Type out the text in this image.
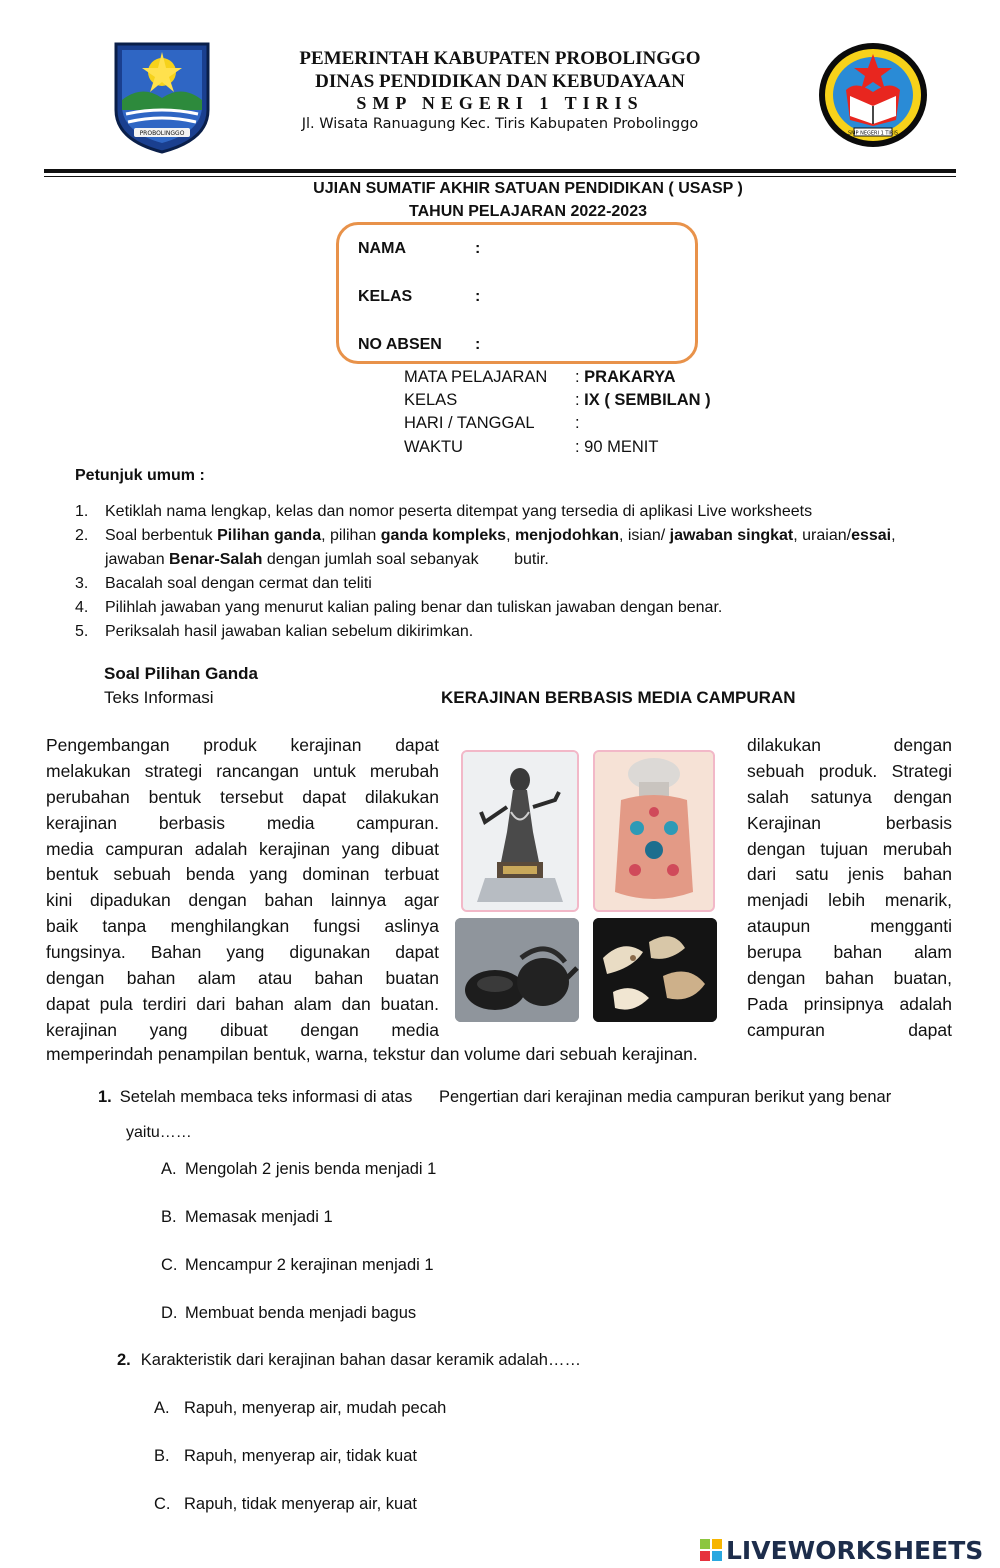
PROBOLINGGO	SMP NEGERI 1 TIRIS
PEMERINTAH KABUPATEN PROBOLINGGO
DINAS PENDIDIKAN DAN KEBUDAYAAN
SMP NEGERI 1 TIRIS
Jl. Wisata Ranuagung Kec. Tiris Kabupaten Probolinggo
UJIAN SUMATIF AKHIR SATUAN PENDIDIKAN ( USASP )
TAHUN PELAJARAN 2022-2023
NAMA	:
KELAS	:
NO ABSEN :
MATA PELAJARAN : PRAKARYA
KELAS	: IX ( SEMBILAN )
HARI / TANGGAL :
WAKTU	: 90 MENIT
Petunjuk umum :
1.	Ketiklah nama lengkap, kelas dan nomor peserta ditempat yang tersedia di aplikasi Live worksheets
2.	Soal berbentuk Pilihan ganda, pilihan ganda kompleks, menjodohkan, isian/ jawaban singkat, uraian/essai,
jawaban Benar-Salah dengan jumlah soal sebanyak        butir.
3.	Bacalah soal dengan cermat dan teliti
4.	Pilihlah jawaban yang menurut kalian paling benar dan tuliskan jawaban dengan benar.
5.	Periksalah hasil jawaban kalian sebelum dikirimkan.
Soal Pilihan Ganda
Teks Informasi	KERAJINAN BERBASIS MEDIA CAMPURAN
Pengembangan produk kerajinan dapat
melakukan strategi rancangan untuk merubah
perubahan bentuk tersebut dapat dilakukan
kerajinan berbasis media campuran.
media campuran adalah kerajinan yang dibuat
bentuk sebuah benda yang dominan terbuat
kini dipadukan dengan bahan lainnya agar
baik tanpa menghilangkan fungsi aslinya
fungsinya. Bahan yang digunakan dapat
dengan bahan alam atau bahan buatan
dapat pula terdiri dari bahan alam dan buatan.
kerajinan yang dibuat dengan media
dilakukan dengan
sebuah produk. Strategi
salah satunya dengan
Kerajinan berbasis
dengan tujuan merubah
dari satu jenis bahan
menjadi lebih menarik,
ataupun mengganti
berupa bahan alam
dengan bahan buatan,
Pada prinsipnya adalah
campuran dapat
memperindah penampilan bentuk, warna, tekstur dan volume dari sebuah kerajinan.
1. Setelah membaca teks informasi di atas Pengertian dari kerajinan media campuran berikut yang benar
yaitu……
A. Mengolah 2 jenis benda menjadi 1
B. Memasak menjadi 1
C. Mencampur 2 kerajinan menjadi 1
D. Membuat benda menjadi bagus
2. Karakteristik dari kerajinan bahan dasar keramik adalah……
A. Rapuh, menyerap air, mudah pecah
B. Rapuh, menyerap air, tidak kuat
C. Rapuh, tidak menyerap air, kuat
LIVEWORKSHEETS
